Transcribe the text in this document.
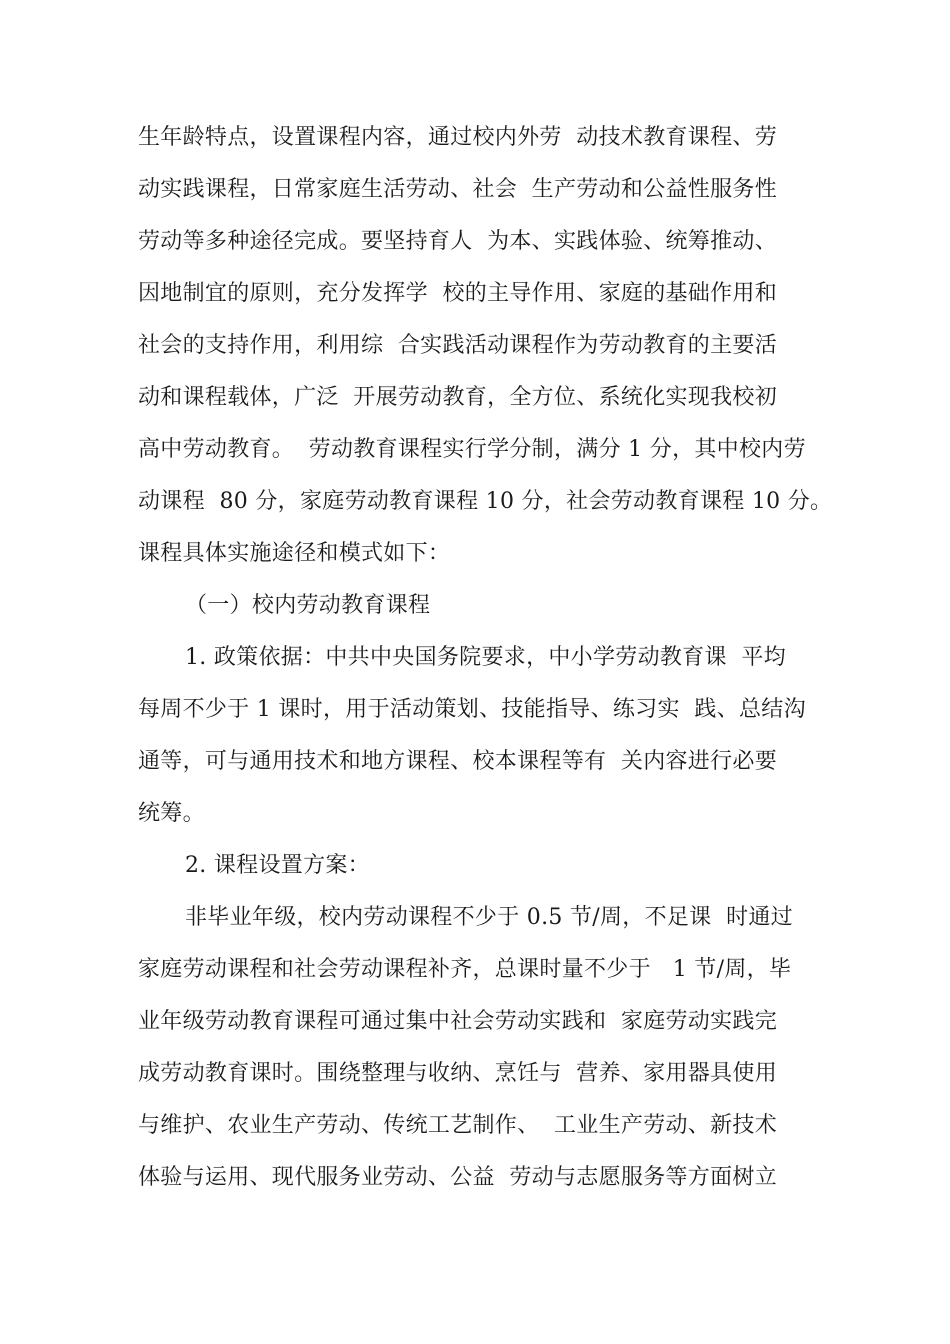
生年龄特点，设置课程内容，通过校内外劳  动技术教育课程、劳
动实践课程，日常家庭生活劳动、社会  生产劳动和公益性服务性
劳动等多种途径完成。要坚持育人  为本、实践体验、统筹推动、
因地制宜的原则，充分发挥学  校的主导作用、家庭的基础作用和
社会的支持作用，利用综  合实践活动课程作为劳动教育的主要活
动和课程载体，广泛  开展劳动教育，全方位、系统化实现我校初
高中劳动教育。  劳动教育课程实行学分制，满分 1 分，其中校内劳
动课程  80 分，家庭劳动教育课程 10 分，社会劳动教育课程 10 分。
课程具体实施途径和模式如下：
（一）校内劳动教育课程
1. 政策依据：中共中央国务院要求，中小学劳动教育课  平均
每周不少于 1 课时，用于活动策划、技能指导、练习实  践、总结沟
通等，可与通用技术和地方课程、校本课程等有  关内容进行必要
统筹。
2. 课程设置方案：
非毕业年级，校内劳动课程不少于 0.5 节/周，不足课  时通过
家庭劳动课程和社会劳动课程补齐，总课时量不少于   1 节/周，毕
业年级劳动教育课程可通过集中社会劳动实践和  家庭劳动实践完
成劳动教育课时。围绕整理与收纳、烹饪与  营养、家用器具使用
与维护、农业生产劳动、传统工艺制作、  工业生产劳动、新技术
体验与运用、现代服务业劳动、公益  劳动与志愿服务等方面树立
